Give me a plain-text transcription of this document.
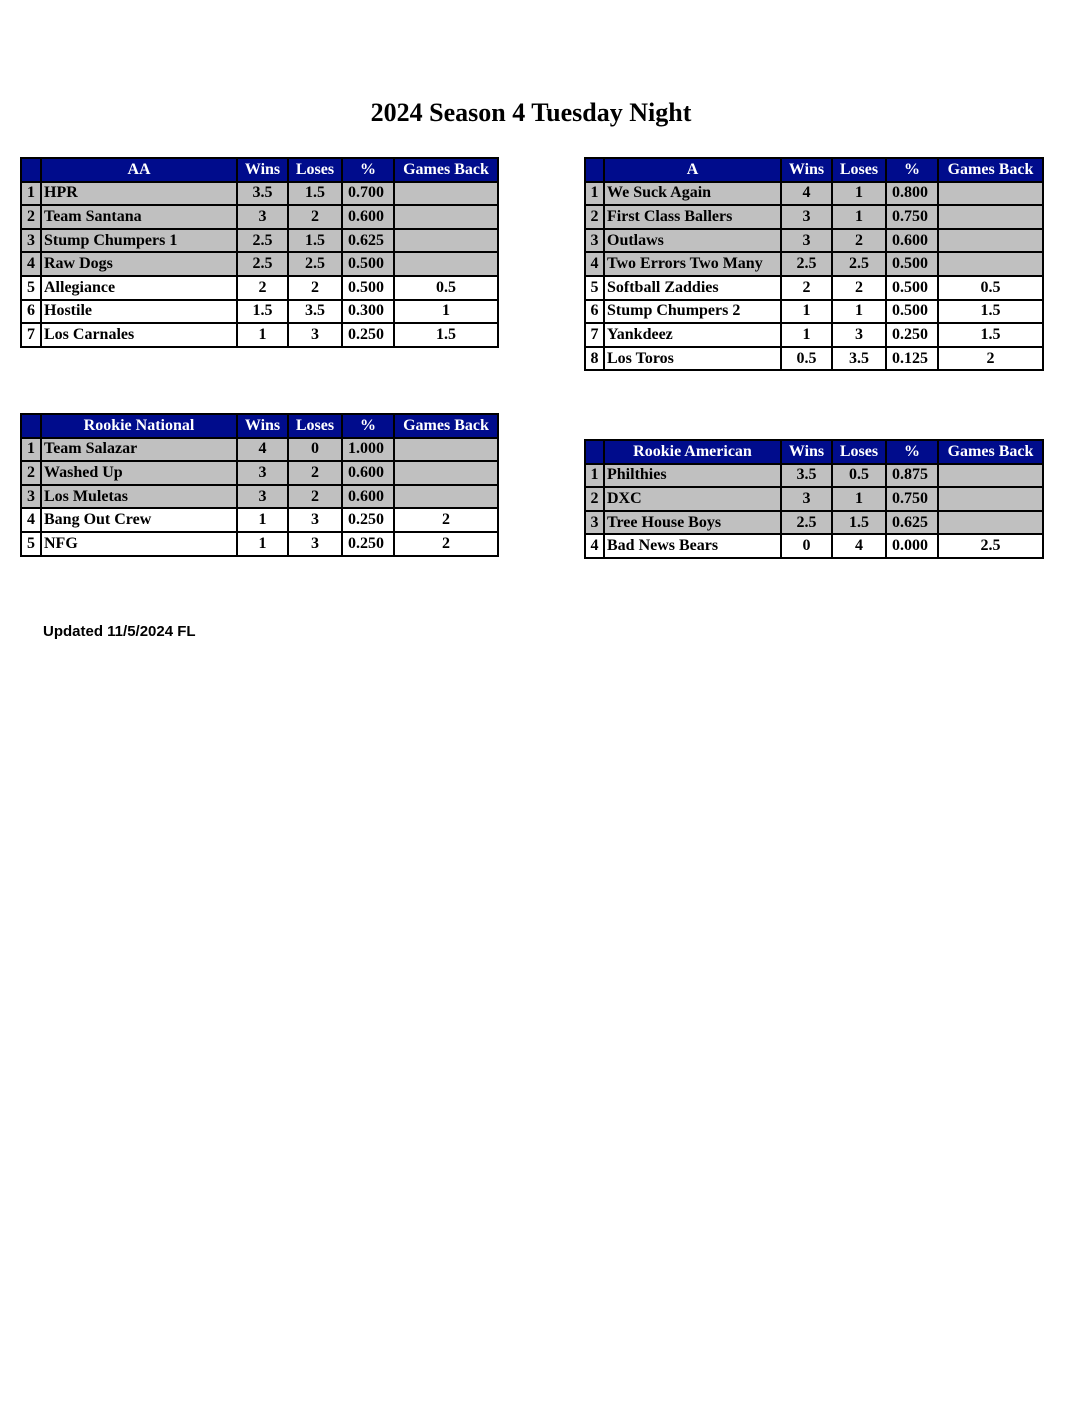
2024 Season 4 Tuesday Night
	AA	Wins	Loses	%	Games Back
1	HPR	3.5	1.5	0.700	
2	Team Santana	3	2	0.600	
3	Stump Chumpers 1	2.5	1.5	0.625	
4	Raw Dogs	2.5	2.5	0.500	
5	Allegiance	2	2	0.500	0.5
6	Hostile	1.5	3.5	0.300	1
7	Los Carnales	1	3	0.250	1.5
	A	Wins	Loses	%	Games Back
1	We Suck Again	4	1	0.800	
2	First Class Ballers	3	1	0.750	
3	Outlaws	3	2	0.600	
4	Two Errors Two Many	2.5	2.5	0.500	
5	Softball Zaddies	2	2	0.500	0.5
6	Stump Chumpers 2	1	1	0.500	1.5
7	Yankdeez	1	3	0.250	1.5
8	Los Toros	0.5	3.5	0.125	2
	Rookie National	Wins	Loses	%	Games Back
1	Team Salazar	4	0	1.000	
2	Washed Up	3	2	0.600	
3	Los Muletas	3	2	0.600	
4	Bang Out Crew	1	3	0.250	2
5	NFG	1	3	0.250	2
	Rookie American	Wins	Loses	%	Games Back
1	Philthies	3.5	0.5	0.875	
2	DXC	3	1	0.750	
3	Tree House Boys	2.5	1.5	0.625	
4	Bad News Bears	0	4	0.000	2.5
Updated 11/5/2024 FL
